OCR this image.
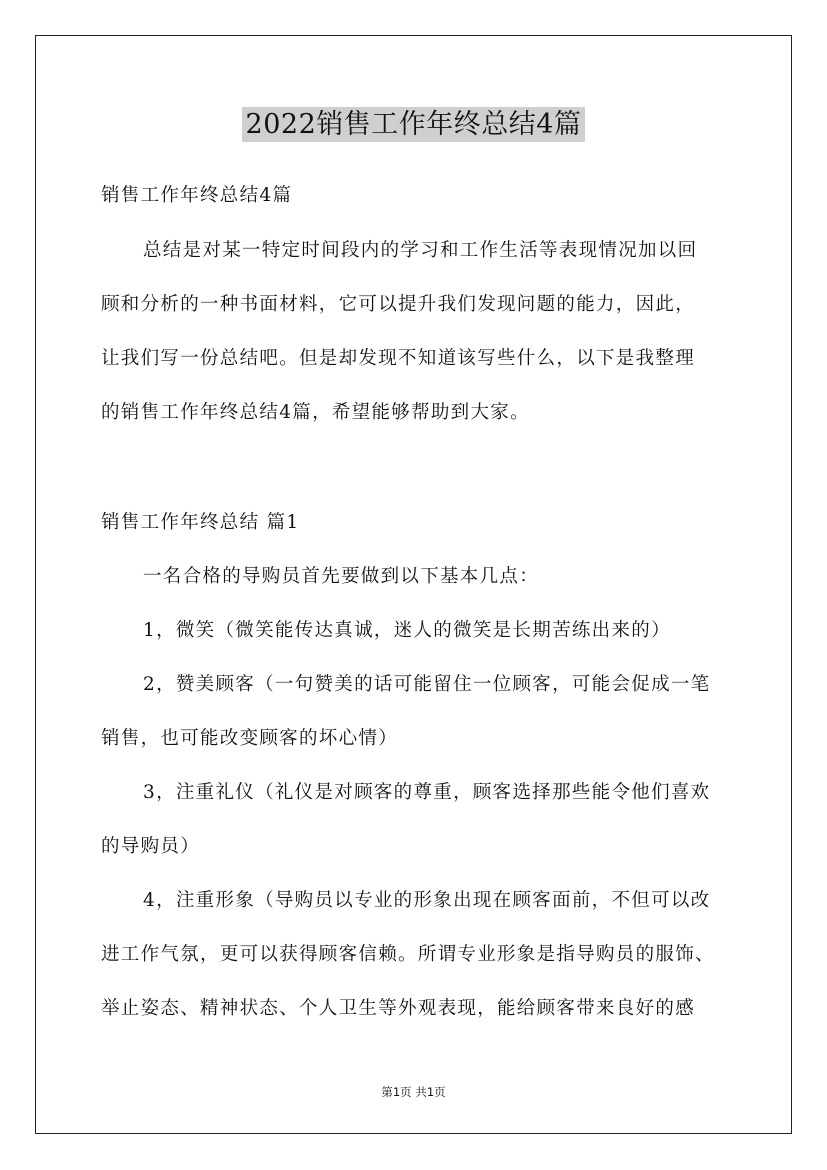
2022销售工作年终总结4篇
销售工作年终总结4篇
总结是对某一特定时间段内的学习和工作生活等表现情况加以回
顾和分析的一种书面材料，它可以提升我们发现问题的能力，因此，
让我们写一份总结吧。但是却发现不知道该写些什么，以下是我整理
的销售工作年终总结4篇，希望能够帮助到大家。
销售工作年终总结 篇1
一名合格的导购员首先要做到以下基本几点：
1，微笑（微笑能传达真诚，迷人的微笑是长期苦练出来的）
2，赞美顾客（一句赞美的话可能留住一位顾客，可能会促成一笔
销售，也可能改变顾客的坏心情）
3，注重礼仪（礼仪是对顾客的尊重，顾客选择那些能令他们喜欢
的导购员）
4，注重形象（导购员以专业的形象出现在顾客面前，不但可以改
进工作气氛，更可以获得顾客信赖。所谓专业形象是指导购员的服饰、
举止姿态、精神状态、个人卫生等外观表现，能给顾客带来良好的感
第1页 共1页
